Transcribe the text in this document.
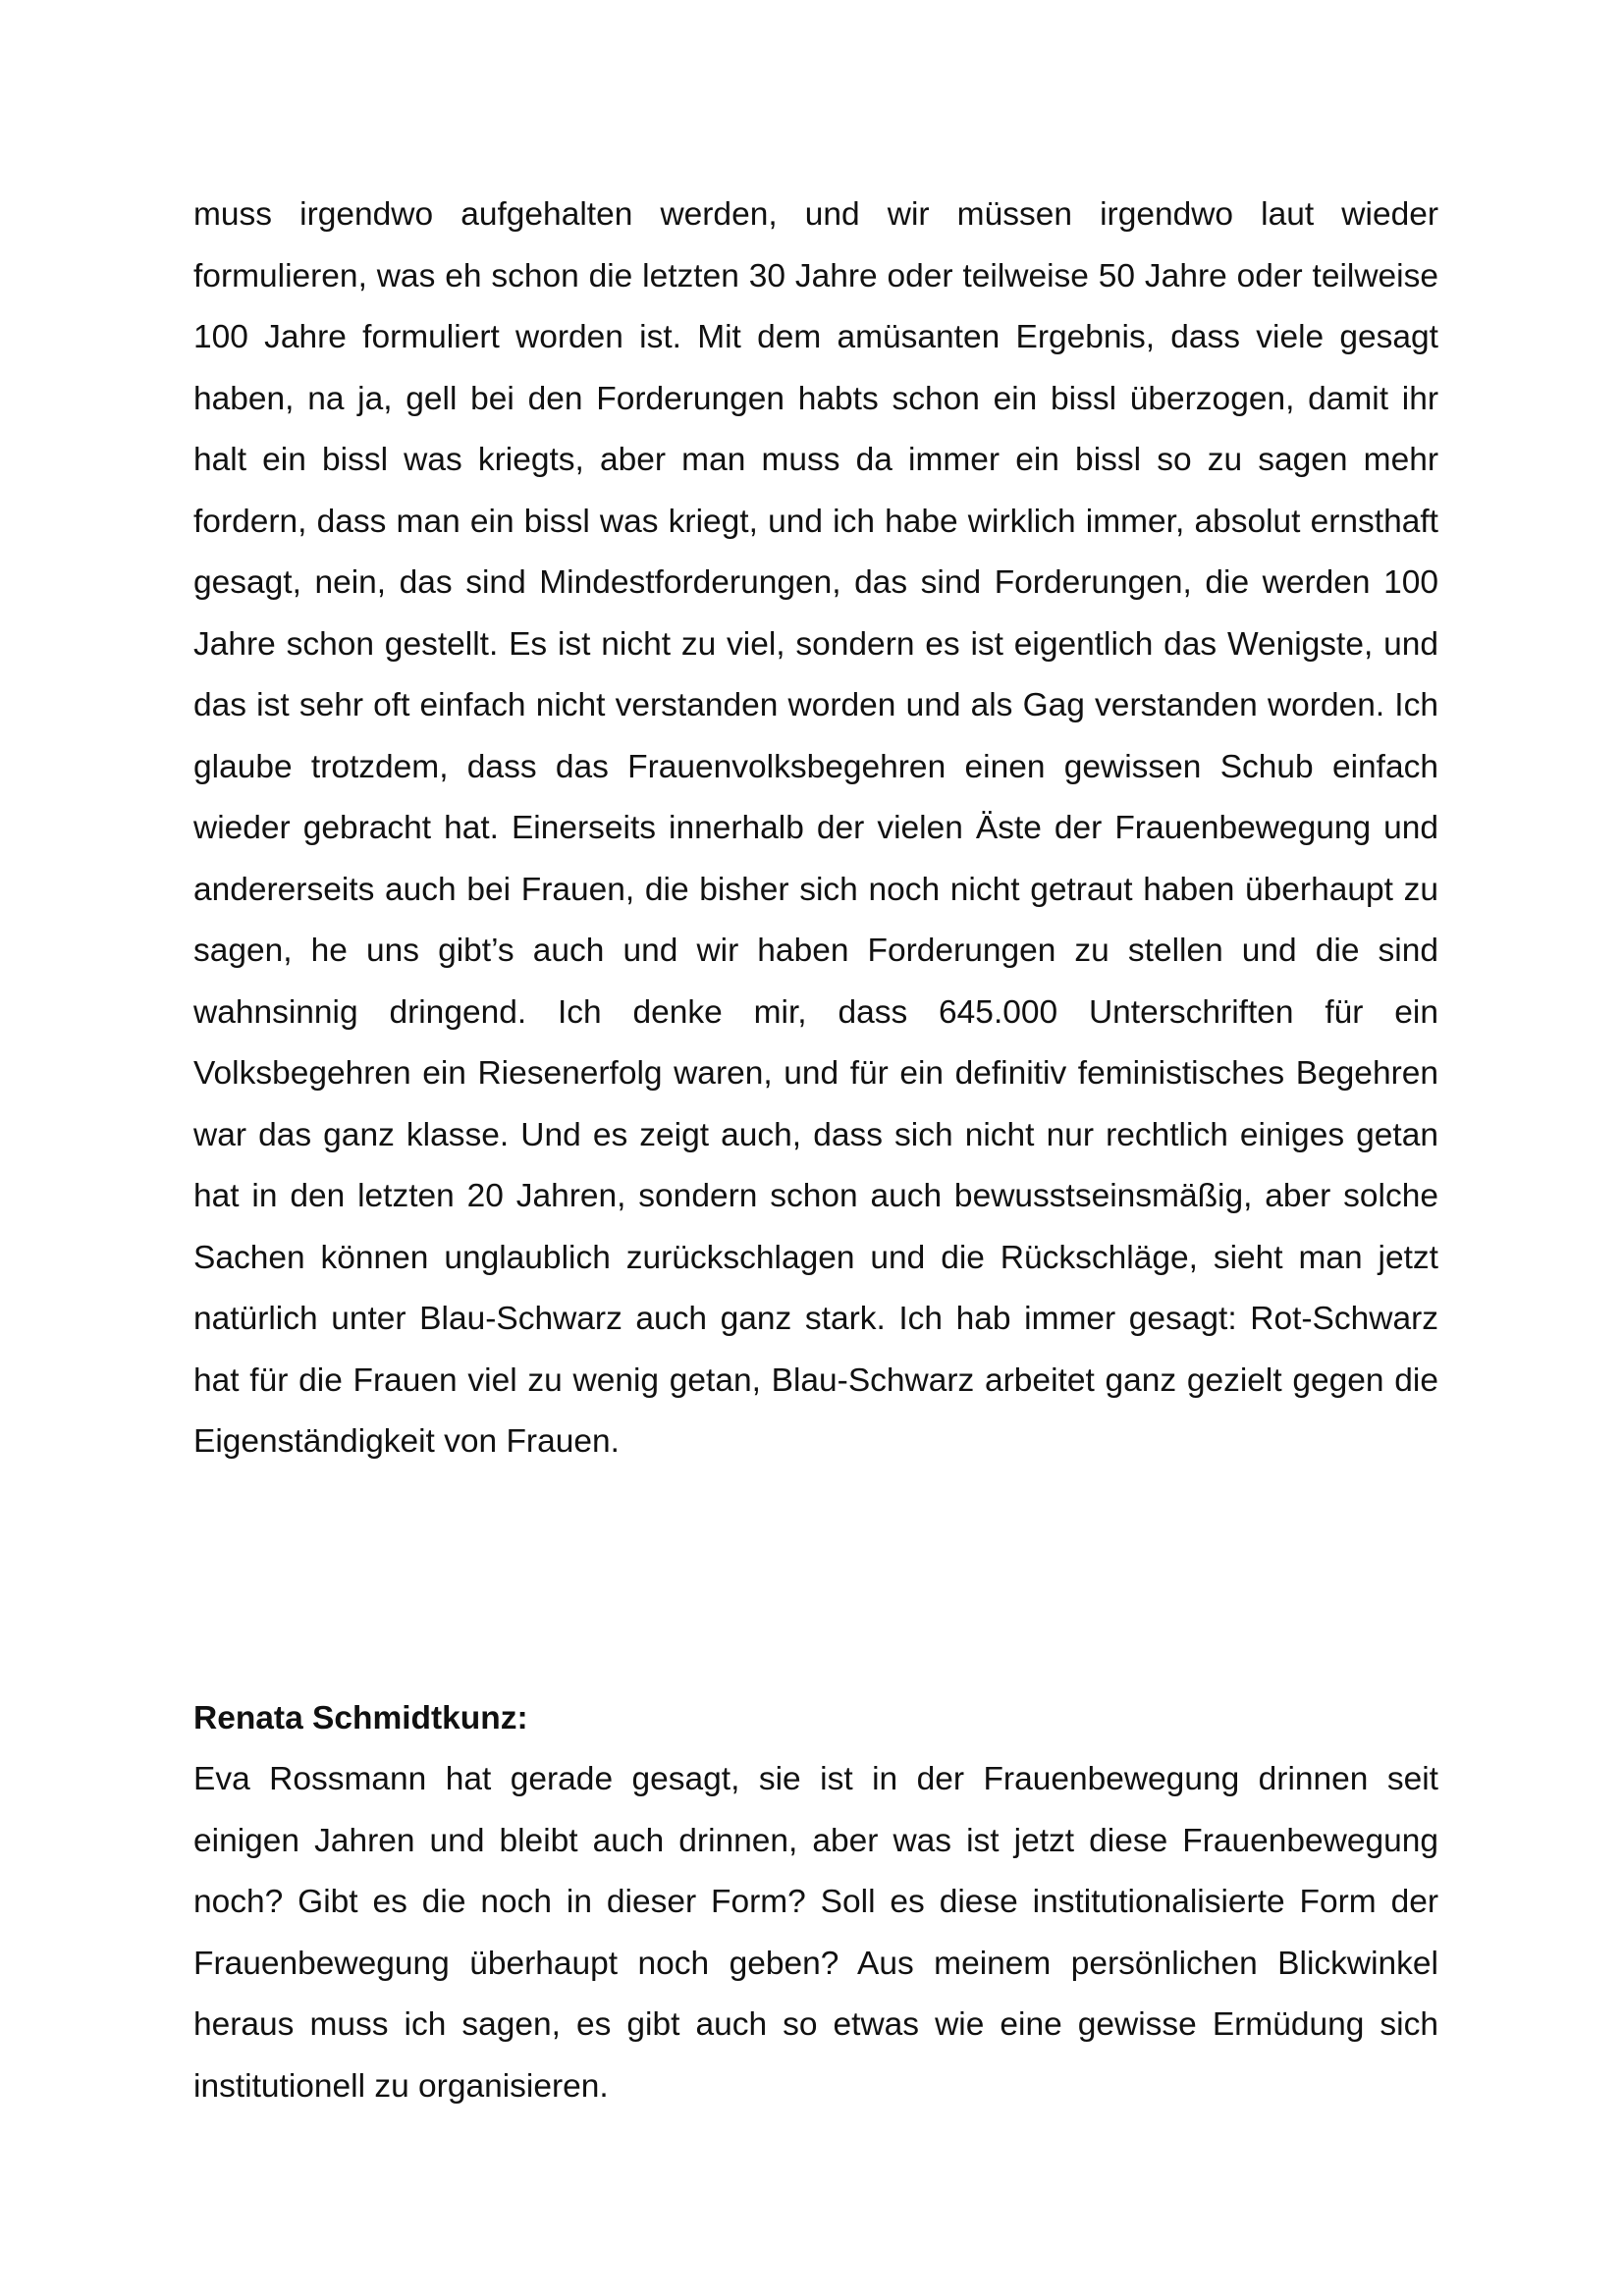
muss irgendwo aufgehalten werden, und wir müssen irgendwo laut wieder formulieren, was eh schon die letzten 30 Jahre oder teilweise 50 Jahre oder teilweise 100 Jahre formuliert worden ist. Mit dem amüsanten Ergebnis, dass viele gesagt haben, na ja, gell bei den Forderungen habts schon ein bissl überzogen, damit ihr halt ein bissl was kriegts, aber man muss da immer ein bissl so zu sagen mehr fordern, dass man ein bissl was kriegt, und ich habe wirklich immer, absolut ernsthaft gesagt, nein, das sind Mindestforderungen, das sind Forderungen, die werden 100 Jahre schon gestellt. Es ist nicht zu viel, sondern es ist eigentlich das Wenigste, und das ist sehr oft einfach nicht verstanden worden und als Gag verstanden worden. Ich glaube trotzdem, dass das Frauenvolksbegehren einen gewissen Schub einfach wieder gebracht hat. Einerseits innerhalb der vielen Äste der Frauenbewegung und andererseits auch bei Frauen, die bisher sich noch nicht getraut haben überhaupt zu sagen, he uns gibt’s auch und wir haben Forderungen zu stellen und die sind wahnsinnig dringend. Ich denke mir, dass 645.000 Unterschriften für ein Volksbegehren ein Riesenerfolg waren, und für ein definitiv feministisches Begehren war das ganz klasse. Und es zeigt auch, dass sich nicht nur rechtlich einiges getan hat in den letzten 20 Jahren, sondern schon auch bewusstseinsmäßig, aber solche Sachen können unglaublich zurückschlagen und die Rückschläge, sieht man jetzt natürlich unter Blau-Schwarz auch ganz stark. Ich hab immer gesagt: Rot-Schwarz hat für die Frauen viel zu wenig getan, Blau-Schwarz arbeitet ganz gezielt gegen die Eigenständigkeit von Frauen.

Renata Schmidtkunz:

Eva Rossmann hat gerade gesagt, sie ist in der Frauenbewegung drinnen seit einigen Jahren und bleibt auch drinnen, aber was ist jetzt diese Frauenbewegung noch? Gibt es die noch in dieser Form? Soll es diese institutionalisierte Form der Frauenbewegung überhaupt noch geben? Aus meinem persönlichen Blickwinkel heraus muss ich sagen, es gibt auch so etwas wie eine gewisse Ermüdung sich institutionell zu organisieren.
